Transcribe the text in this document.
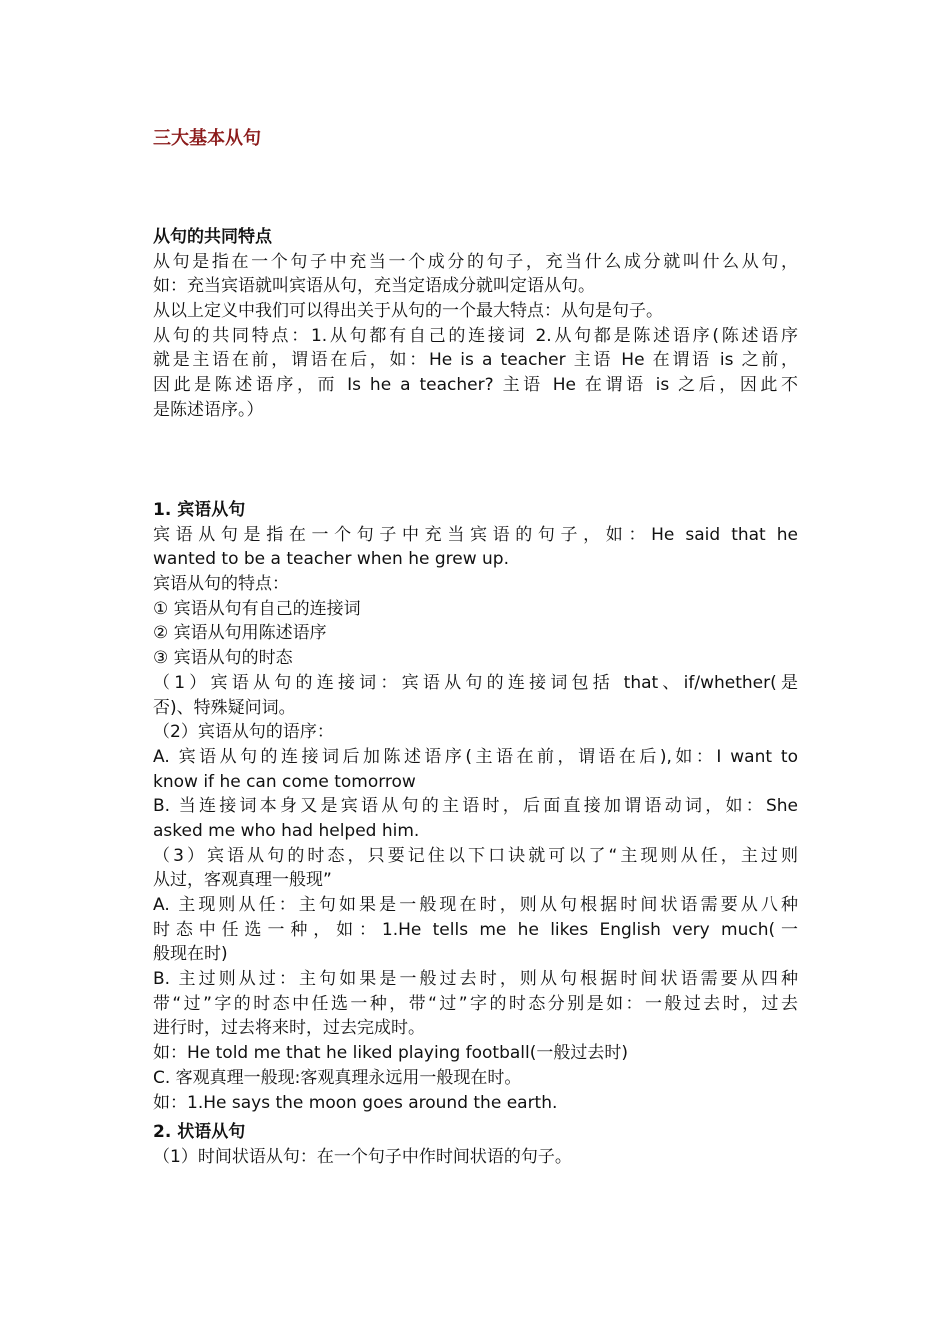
三大基本从句
从句的共同特点
从句是指在一个句子中充当一个成分的句子，充当什么成分就叫什么从句，
如：充当宾语就叫宾语从句，充当定语成分就叫定语从句。
从以上定义中我们可以得出关于从句的一个最大特点：从句是句子。
从句的共同特点：1.从句都有自己的连接词 2.从句都是陈述语序(陈述语序
就是主语在前，谓语在后，如：He is a teacher 主语 He 在谓语 is 之前，
因此是陈述语序，而 Is he a teacher? 主语 He 在谓语 is 之后，因此不
是陈述语序。）
1. 宾语从句
宾语从句是指在一个句子中充当宾语的句子，如：He said that he
wanted to be a teacher when he grew up.
宾语从句的特点：
① 宾语从句有自己的连接词
② 宾语从句用陈述语序
③ 宾语从句的时态
（1）宾语从句的连接词：宾语从句的连接词包括 that、if/whether(是
否)、特殊疑问词。
（2）宾语从句的语序：
A. 宾语从句的连接词后加陈述语序(主语在前，谓语在后),如：I want to
know if he can come tomorrow
B. 当连接词本身又是宾语从句的主语时，后面直接加谓语动词，如：She
asked me who had helped him.
（3）宾语从句的时态，只要记住以下口诀就可以了“主现则从任，主过则
从过，客观真理一般现”
A. 主现则从任：主句如果是一般现在时，则从句根据时间状语需要从八种
时态中任选一种，如：1.He tells me he likes English very much(一
般现在时)
B. 主过则从过：主句如果是一般过去时，则从句根据时间状语需要从四种
带“过”字的时态中任选一种，带“过”字的时态分别是如：一般过去时，过去
进行时，过去将来时，过去完成时。
如：He told me that he liked playing football(一般过去时)
C. 客观真理一般现:客观真理永远用一般现在时。
如：1.He says the moon goes around the earth.
2. 状语从句
（1）时间状语从句：在一个句子中作时间状语的句子。
